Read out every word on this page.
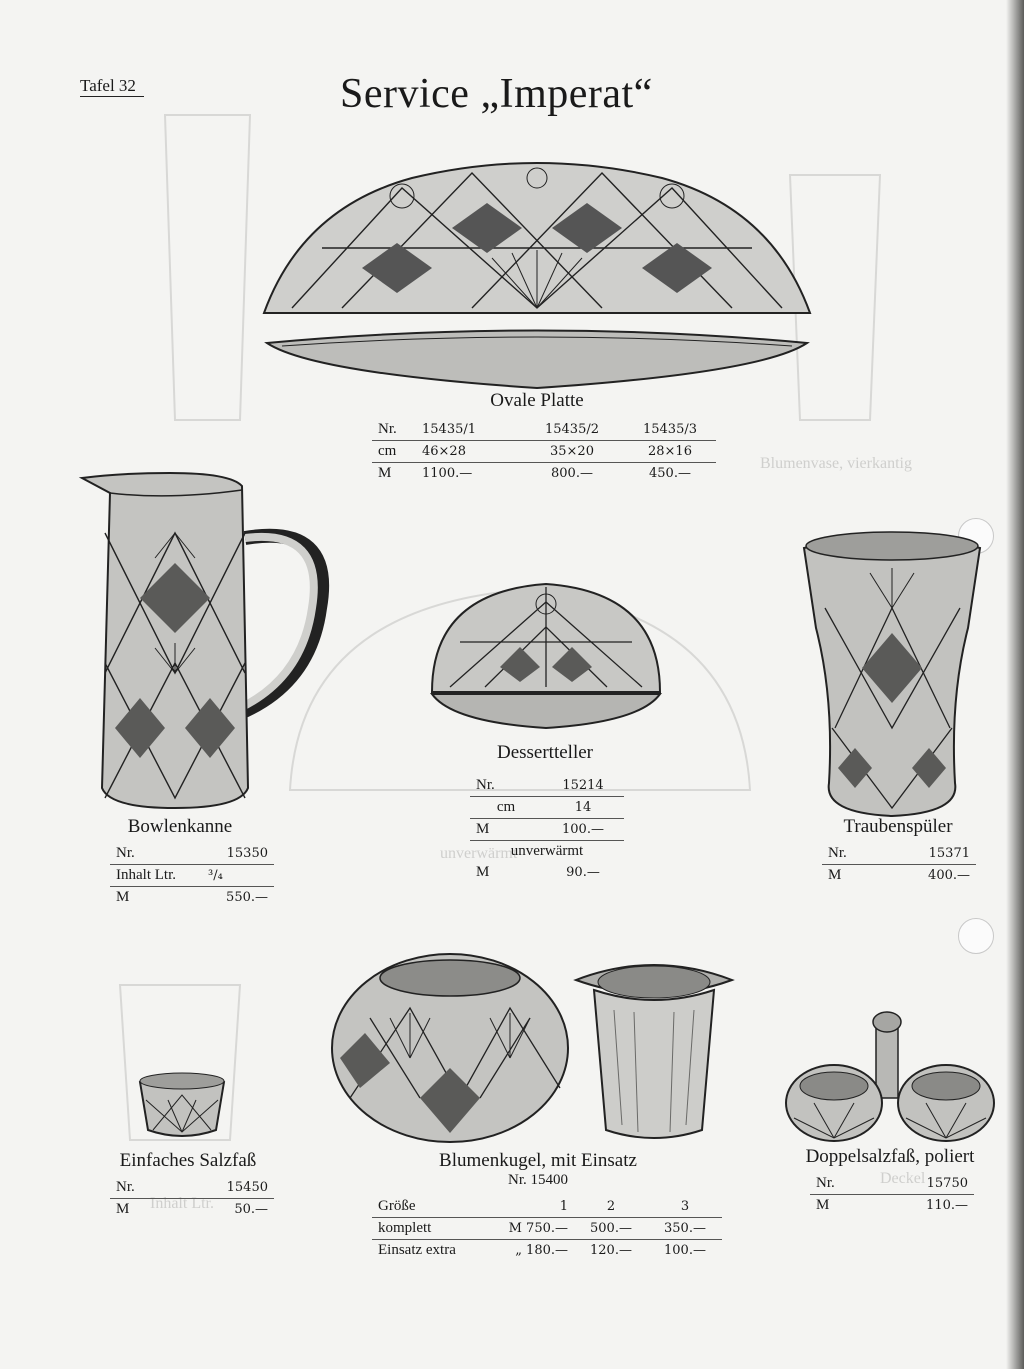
Blumenvase, vierkantig
Deckel
Inhalt Ltr.
unverwärmt
Tafel 32	Service „Imperat“
Ovale Platte
Nr.	15435/1	15435/2	15435/3
cm	46×28	35×20	28×16
M	1100.—	800.—	450.—
Bowlenkanne
Nr.	15350
Inhalt Ltr.	³/₄
M	550.—
Dessertteller
Nr.	15214
cm	14
M	100.—
unverwärmt	
M	90.—
Traubenspüler
Nr.	15371
M	400.—
Einfaches Salzfaß
Nr.	15450
M	50.—
Blumenkugel, mit Einsatz
Nr. 15400
Größe	1	2	3
komplett	M 750.—	500.—	350.—
Einsatz extra	„ 180.—	120.—	100.—
Doppelsalzfaß, poliert
Nr.	15750
M	110.—
